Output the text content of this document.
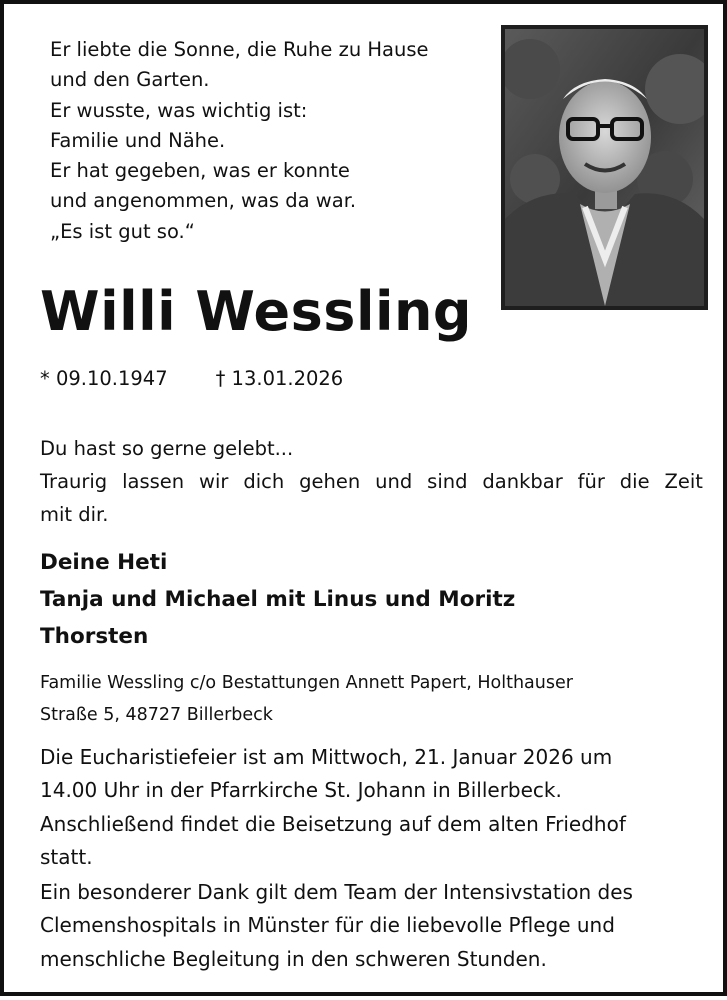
Er liebte die Sonne, die Ruhe zu Hause
und den Garten.
Er wusste, was wichtig ist:
Familie und Nähe.
Er hat gegeben, was er konnte
und angenommen, was da war.
„Es ist gut so.“
Willi Wessling
* 09.10.1947 † 13.01.2026
Du hast so gerne gelebt...
Traurig lassen wir dich gehen und sind dankbar für die Zeit
mit dir.
Deine Heti
Tanja und Michael mit Linus und Moritz
Thorsten
Familie Wessling c/o Bestattungen Annett Papert, Holthauser
Straße 5, 48727 Billerbeck
Die Eucharistiefeier ist am Mittwoch, 21. Januar 2026 um
14.00 Uhr in der Pfarrkirche St. Johann in Billerbeck.
Anschließend findet die Beisetzung auf dem alten Friedhof
statt.
Ein besonderer Dank gilt dem Team der Intensivstation des
Clemenshospitals in Münster für die liebevolle Pflege und
menschliche Begleitung in den schweren Stunden.
